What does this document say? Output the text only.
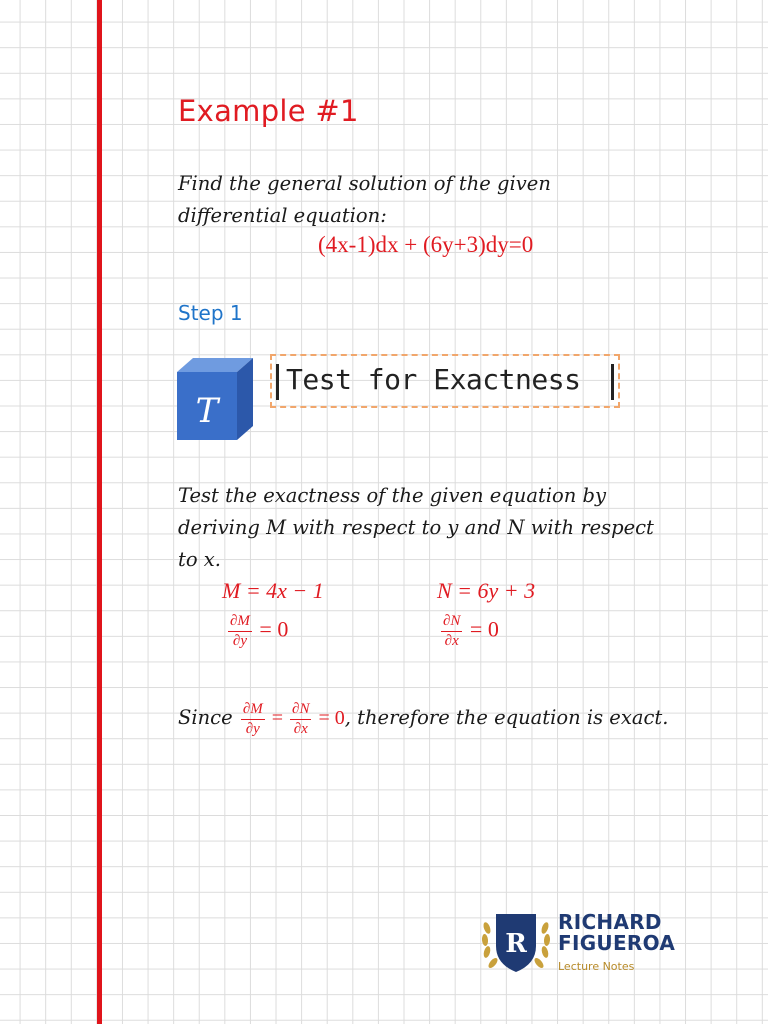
Example #1
Find the general solution of the given differential equation:
(4x-1)dx + (6y+3)dy=0
Step 1
T
Test for Exactness
Test the exactness of the given equation by deriving M with respect to y and N with respect to x.
M = 4x − 1	N = 6y + 3
$\frac{\partial M}{\partial y} = 0$	$\frac{\partial N}{\partial x} = 0$
Since $\frac{\partial M}{\partial y} = \frac{\partial N}{\partial x} = 0$, therefore the equation is exact.
R
RICHARD
FIGUEROA
Lecture Notes
